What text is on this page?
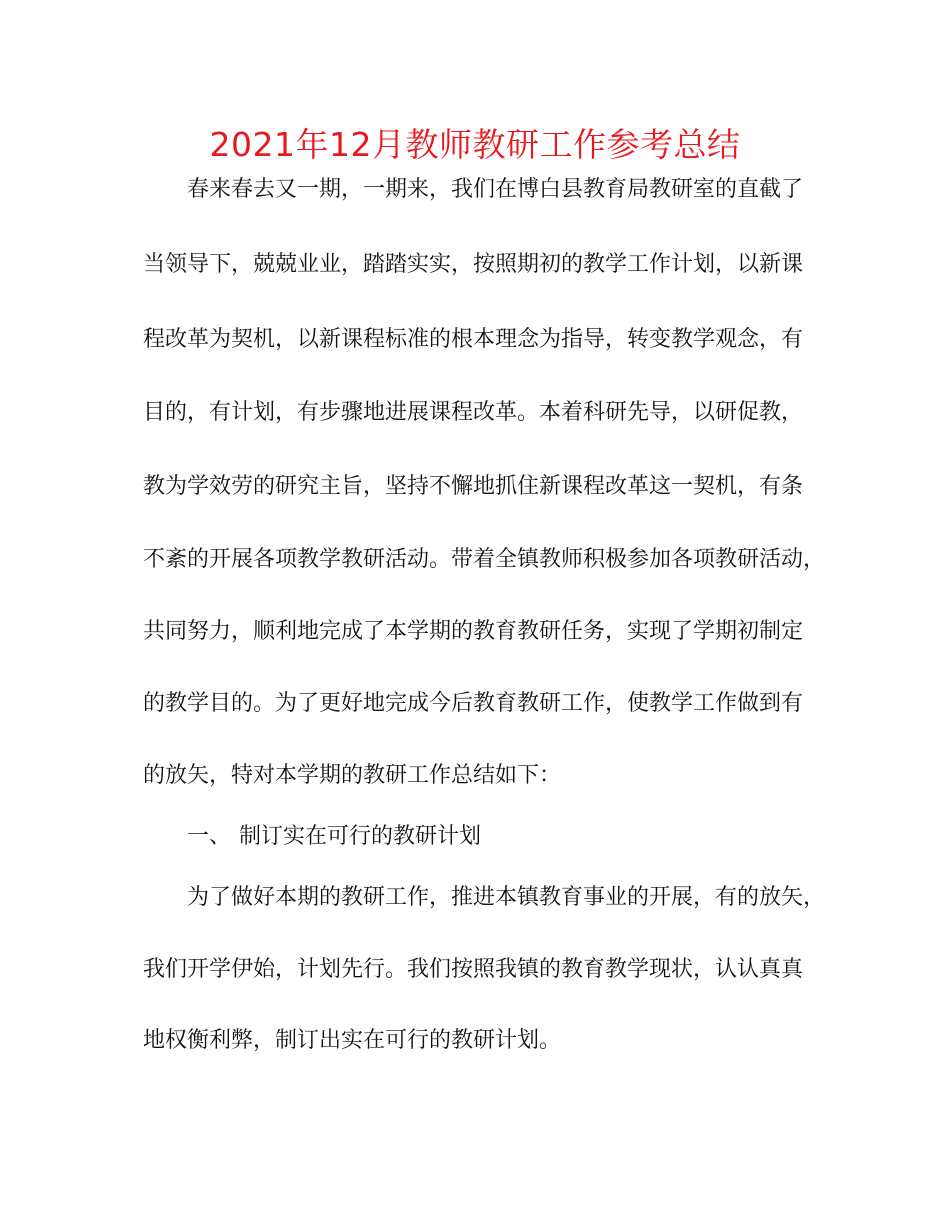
2021年12月教师教研工作参考总结

春来春去又一期，一期来，我们在博白县教育局教研室的直截了

当领导下，兢兢业业，踏踏实实，按照期初的教学工作计划，以新课

程改革为契机，以新课程标准的根本理念为指导，转变教学观念，有

目的，有计划，有步骤地进展课程改革。本着科研先导，以研促教，

教为学效劳的研究主旨，坚持不懈地抓住新课程改革这一契机，有条

不紊的开展各项教学教研活动。带着全镇教师积极参加各项教研活动，

共同努力，顺利地完成了本学期的教育教研任务，实现了学期初制定

的教学目的。为了更好地完成今后教育教研工作，使教学工作做到有

的放矢，特对本学期的教研工作总结如下：

一、 制订实在可行的教研计划

为了做好本期的教研工作，推进本镇教育事业的开展，有的放矢，

我们开学伊始，计划先行。我们按照我镇的教育教学现状，认认真真

地权衡利弊，制订出实在可行的教研计划。
